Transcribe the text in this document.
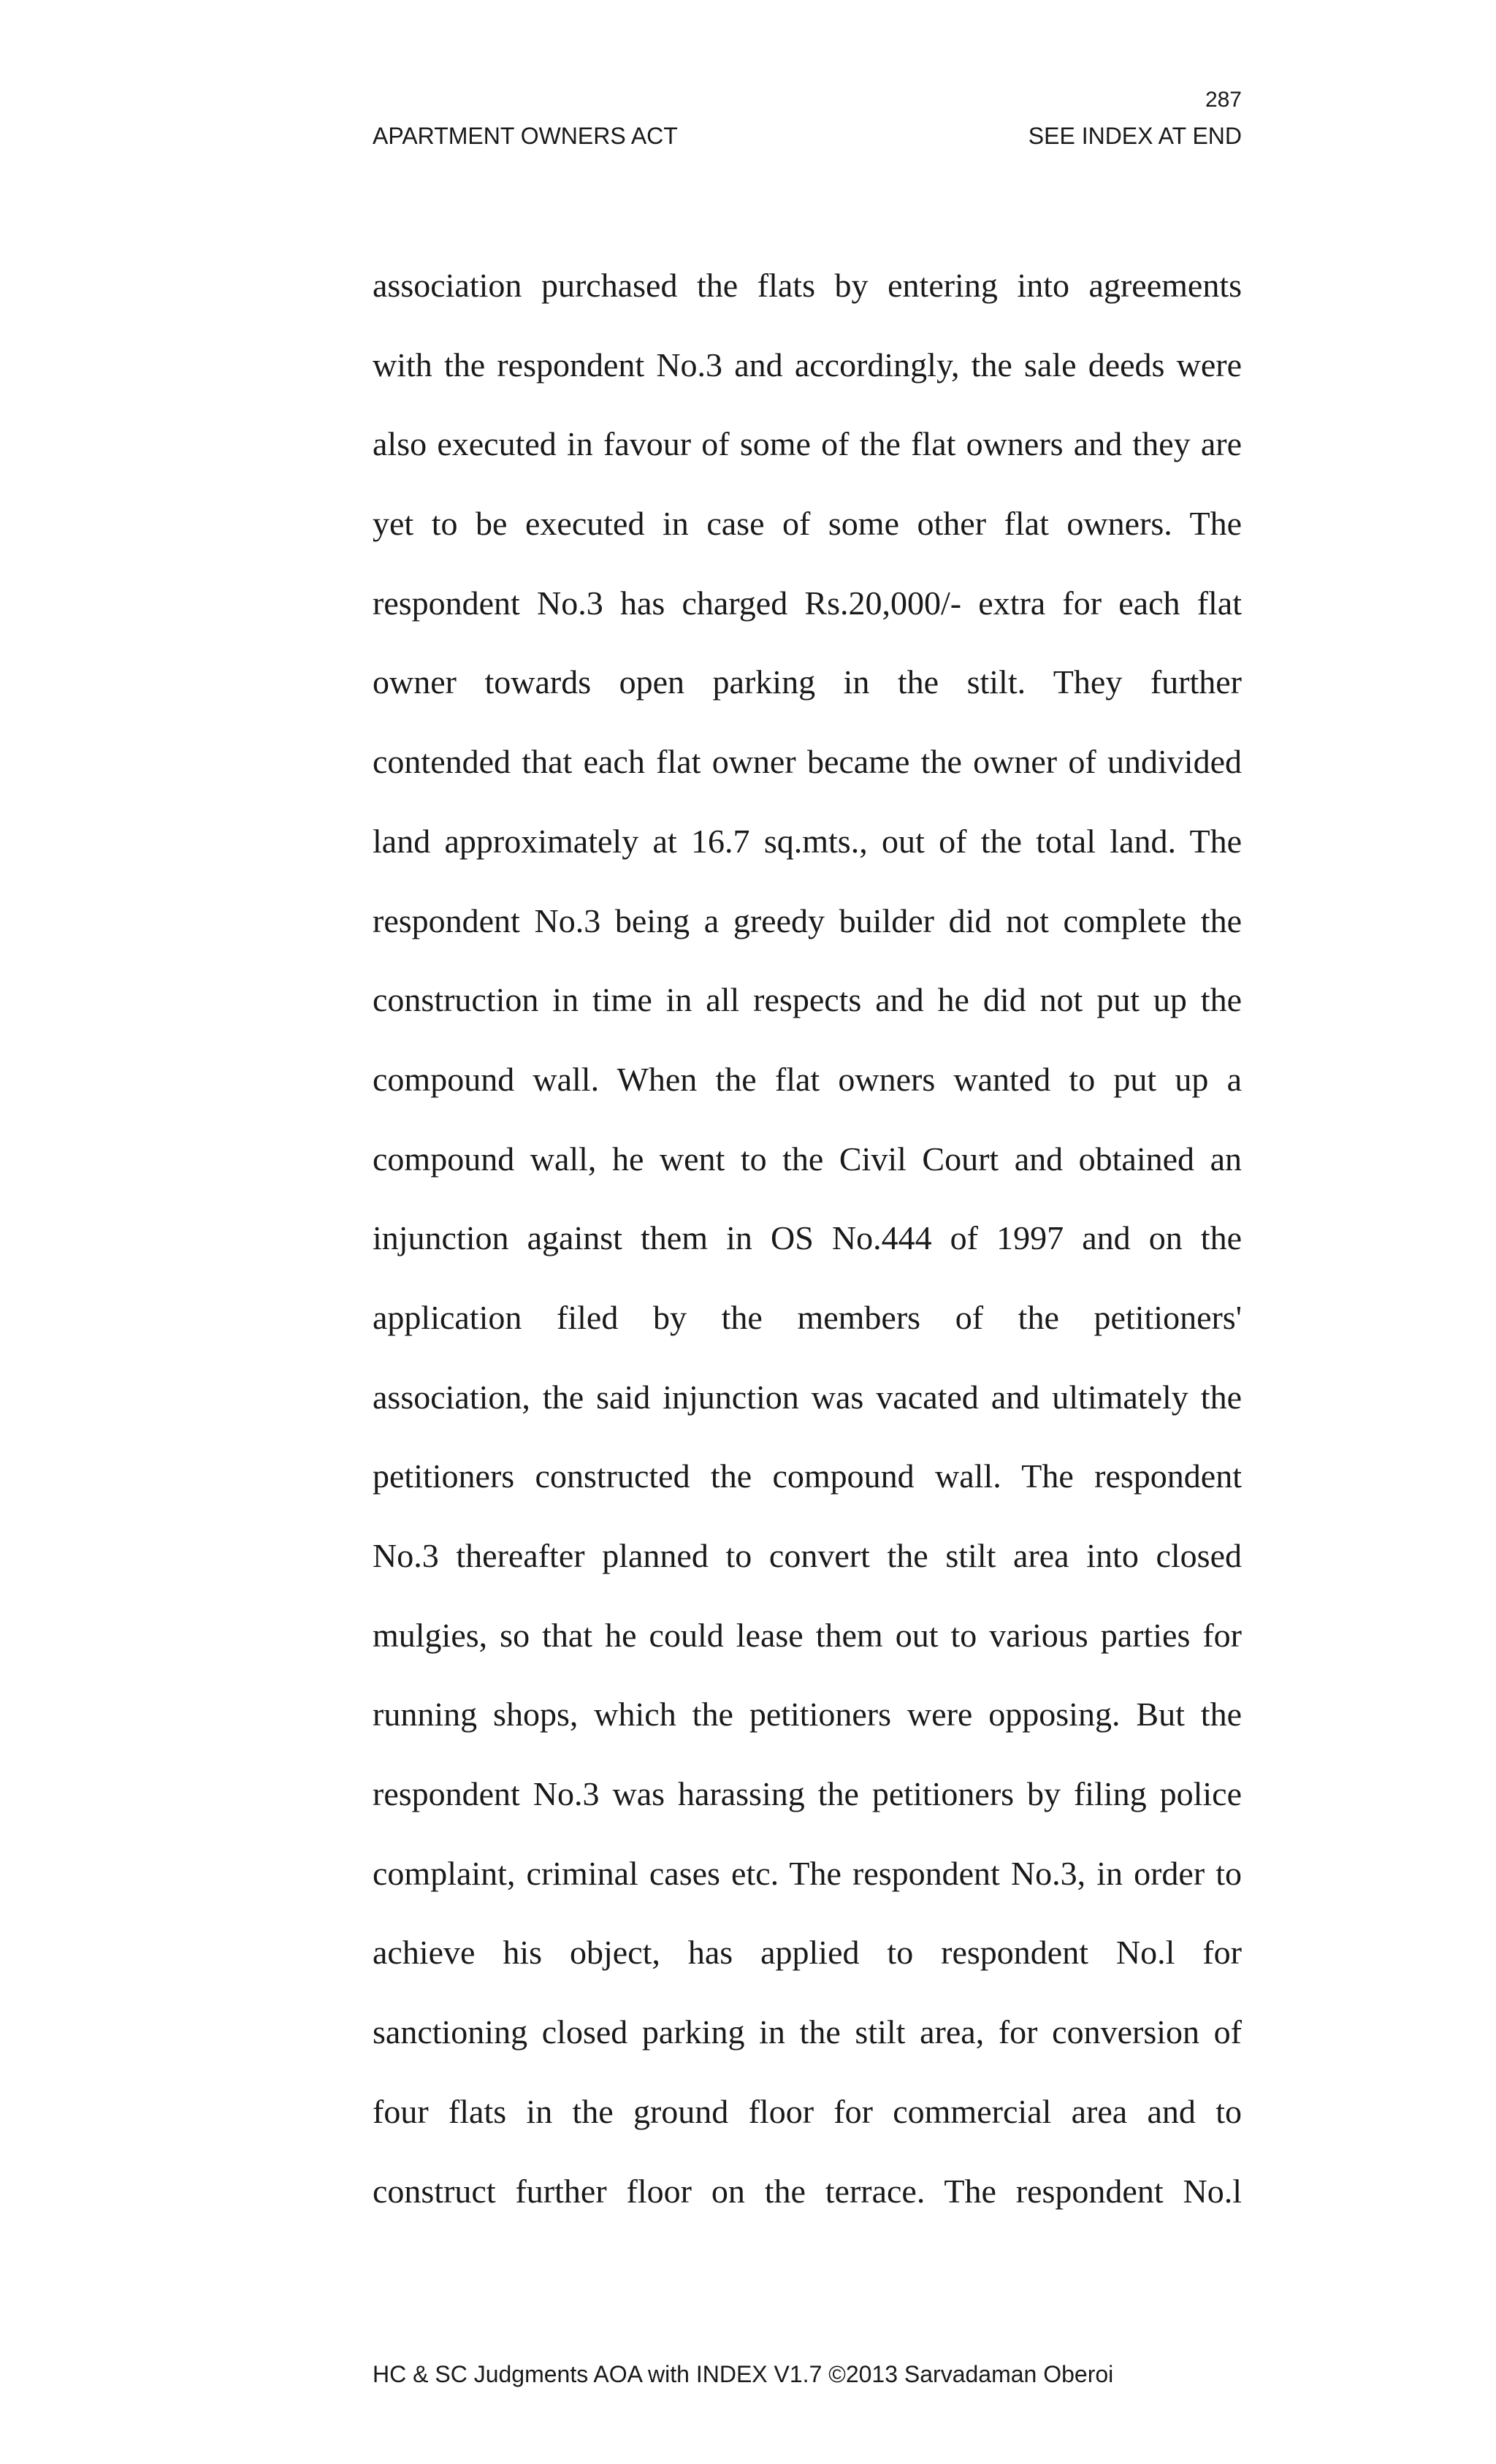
287
APARTMENT OWNERS ACT	SEE INDEX AT END
association purchased the flats by entering into agreements
with the respondent No.3 and accordingly, the sale deeds were
also executed in favour of some of the flat owners and they are
yet to be executed in case of some other flat owners. The
respondent No.3 has charged Rs.20,000/- extra for each flat
owner towards open parking in the stilt. They further
contended that each flat owner became the owner of undivided
land approximately at 16.7 sq.mts., out of the total land. The
respondent No.3 being a greedy builder did not complete the
construction in time in all respects and he did not put up the
compound wall. When the flat owners wanted to put up a
compound wall, he went to the Civil Court and obtained an
injunction against them in OS No.444 of 1997 and on the
application filed by the members of the petitioners'
association, the said injunction was vacated and ultimately the
petitioners constructed the compound wall. The respondent
No.3 thereafter planned to convert the stilt area into closed
mulgies, so that he could lease them out to various parties for
running shops, which the petitioners were opposing. But the
respondent No.3 was harassing the petitioners by filing police
complaint, criminal cases etc. The respondent No.3, in order to
achieve his object, has applied to respondent No.l for
sanctioning closed parking in the stilt area, for conversion of
four flats in the ground floor for commercial area and to
construct further floor on the terrace. The respondent No.l
HC & SC Judgments AOA with INDEX V1.7 ©2013 Sarvadaman Oberoi
